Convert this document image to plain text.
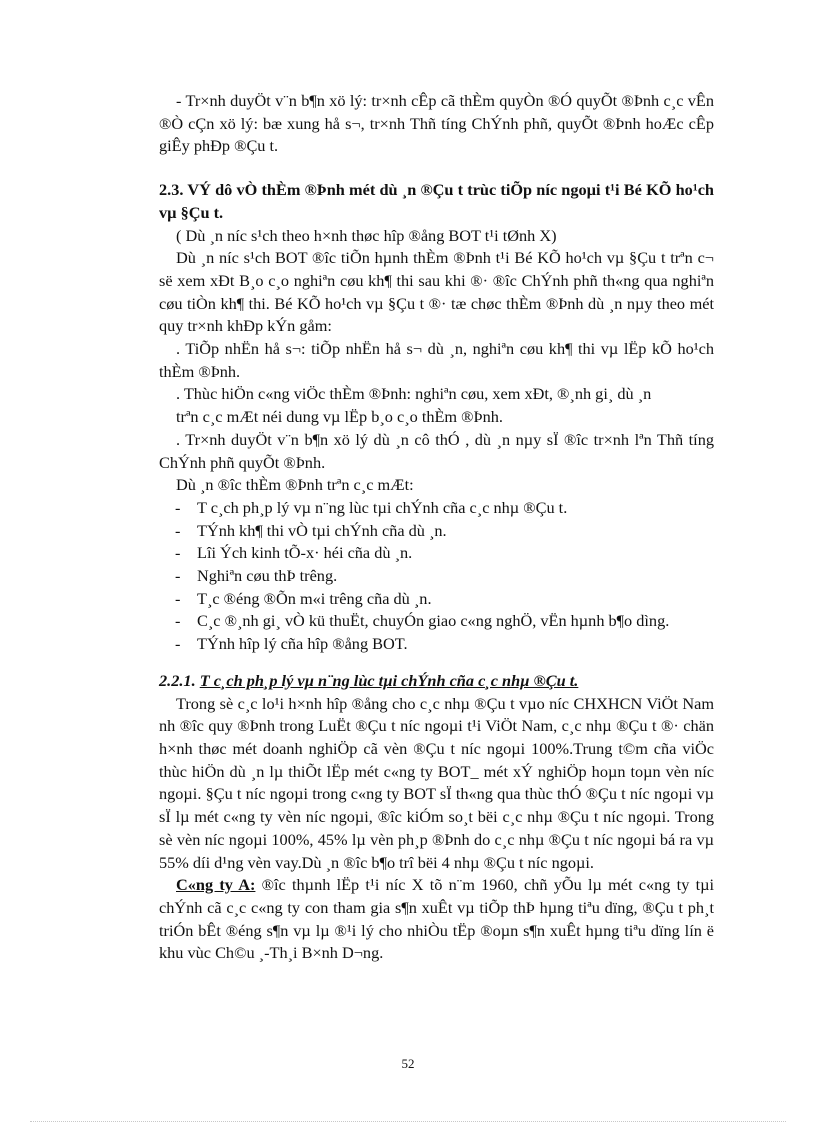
- Tr×nh duyÖt v¨n b¶n xö lý: tr×nh cÊp cã thÈm quyÒn ®Ó quyÕt ®Þnh c¸c vÊn ®Ò cÇn xö lý: bæ xung hå s¬, tr×nh Thñ tíng ChÝnh phñ, quyÕt ®Þnh hoÆc cÊp giÊy phÐp ®Çu t.

2.3. VÝ dô vÒ thÈm ®Þnh mét dù ¸n ®Çu t trùc tiÕp níc ngoµi t¹i Bé KÕ ho¹ch vµ §Çu t.

( Dù ¸n níc s¹ch theo h×nh thøc hîp ®ång BOT t¹i tØnh X)

Dù ¸n níc s¹ch BOT ®îc tiÕn hµnh thÈm ®Þnh t¹i Bé KÕ ho¹ch vµ §Çu t trªn c¬ së xem xÐt B¸o c¸o nghiªn cøu kh¶ thi sau khi ®· ®îc ChÝnh phñ th«ng qua nghiªn cøu tiÒn kh¶ thi. Bé KÕ ho¹ch vµ §Çu t ®· tæ chøc thÈm ®Þnh dù ¸n nµy theo mét quy tr×nh khÐp kÝn gåm:

. TiÕp nhËn hå s¬: tiÕp nhËn hå s¬ dù ¸n, nghiªn cøu kh¶ thi vµ lËp kÕ ho¹ch thÈm ®Þnh.

. Thùc hiÖn c«ng viÖc thÈm ®Þnh: nghiªn cøu, xem xÐt, ®¸nh gi¸ dù ¸n

trªn c¸c mÆt néi dung vµ lËp b¸o c¸o thÈm ®Þnh.

. Tr×nh duyÖt v¨n b¶n xö lý dù ¸n cô thÓ , dù ¸n nµy sÏ ®îc tr×nh lªn Thñ tíng ChÝnh phñ quyÕt ®Þnh.

Dù ¸n ®îc thÈm ®Þnh trªn c¸c mÆt:

- T c¸ch ph¸p lý vµ n¨ng lùc tµi chÝnh cña c¸c nhµ ®Çu t.
- TÝnh kh¶ thi vÒ tµi chÝnh cña dù ¸n.
- Lîi Ých kinh tÕ-x· héi cña dù ¸n.
- Nghiªn cøu thÞ trêng.
- T¸c ®éng ®Õn m«i trêng cña dù ¸n.
- C¸c ®¸nh gi¸ vÒ kü thuËt, chuyÓn giao c«ng nghÖ, vËn hµnh b¶o dìng.
- TÝnh hîp lý cña hîp ®ång BOT.

2.2.1. T c¸ch ph¸p lý vµ n¨ng lùc tµi chÝnh cña c¸c nhµ ®Çu t.

Trong sè c¸c lo¹i h×nh hîp ®ång cho c¸c nhµ ®Çu t vµo níc CHXHCN ViÖt Nam nh ®îc quy ®Þnh trong LuËt ®Çu t níc ngoµi t¹i ViÖt Nam, c¸c nhµ ®Çu t ®· chän h×nh thøc mét doanh nghiÖp cã vèn ®Çu t níc ngoµi 100%.Trung t©m cña viÖc thùc hiÖn dù ¸n lµ thiÕt lËp mét c«ng ty BOT_ mét xÝ nghiÖp hoµn toµn vèn níc ngoµi. §Çu t níc ngoµi trong c«ng ty BOT sÏ th«ng qua thùc thÓ ®Çu t níc ngoµi vµ sÏ lµ mét c«ng ty vèn níc ngoµi, ®îc kiÓm so¸t bëi c¸c nhµ ®Çu t níc ngoµi. Trong sè vèn níc ngoµi 100%, 45% lµ vèn ph¸p ®Þnh do c¸c nhµ ®Çu t níc ngoµi bá ra vµ 55% díi d¹ng vèn vay.Dù ¸n ®îc b¶o trî bëi 4 nhµ ®Çu t níc ngoµi.

C«ng ty A: ®îc thµnh lËp t¹i níc X tõ n¨m 1960, chñ yÕu lµ mét c«ng ty tµi chÝnh cã c¸c c«ng ty con tham gia s¶n xuÊt vµ tiÕp thÞ hµng tiªu dïng, ®Çu t ph¸t triÓn bÊt ®éng s¶n vµ lµ ®¹i lý cho nhiÒu tËp ®oµn s¶n xuÊt hµng tiªu dïng lín ë khu vùc Ch©u ¸-Th¸i B×nh D¬ng.

52
